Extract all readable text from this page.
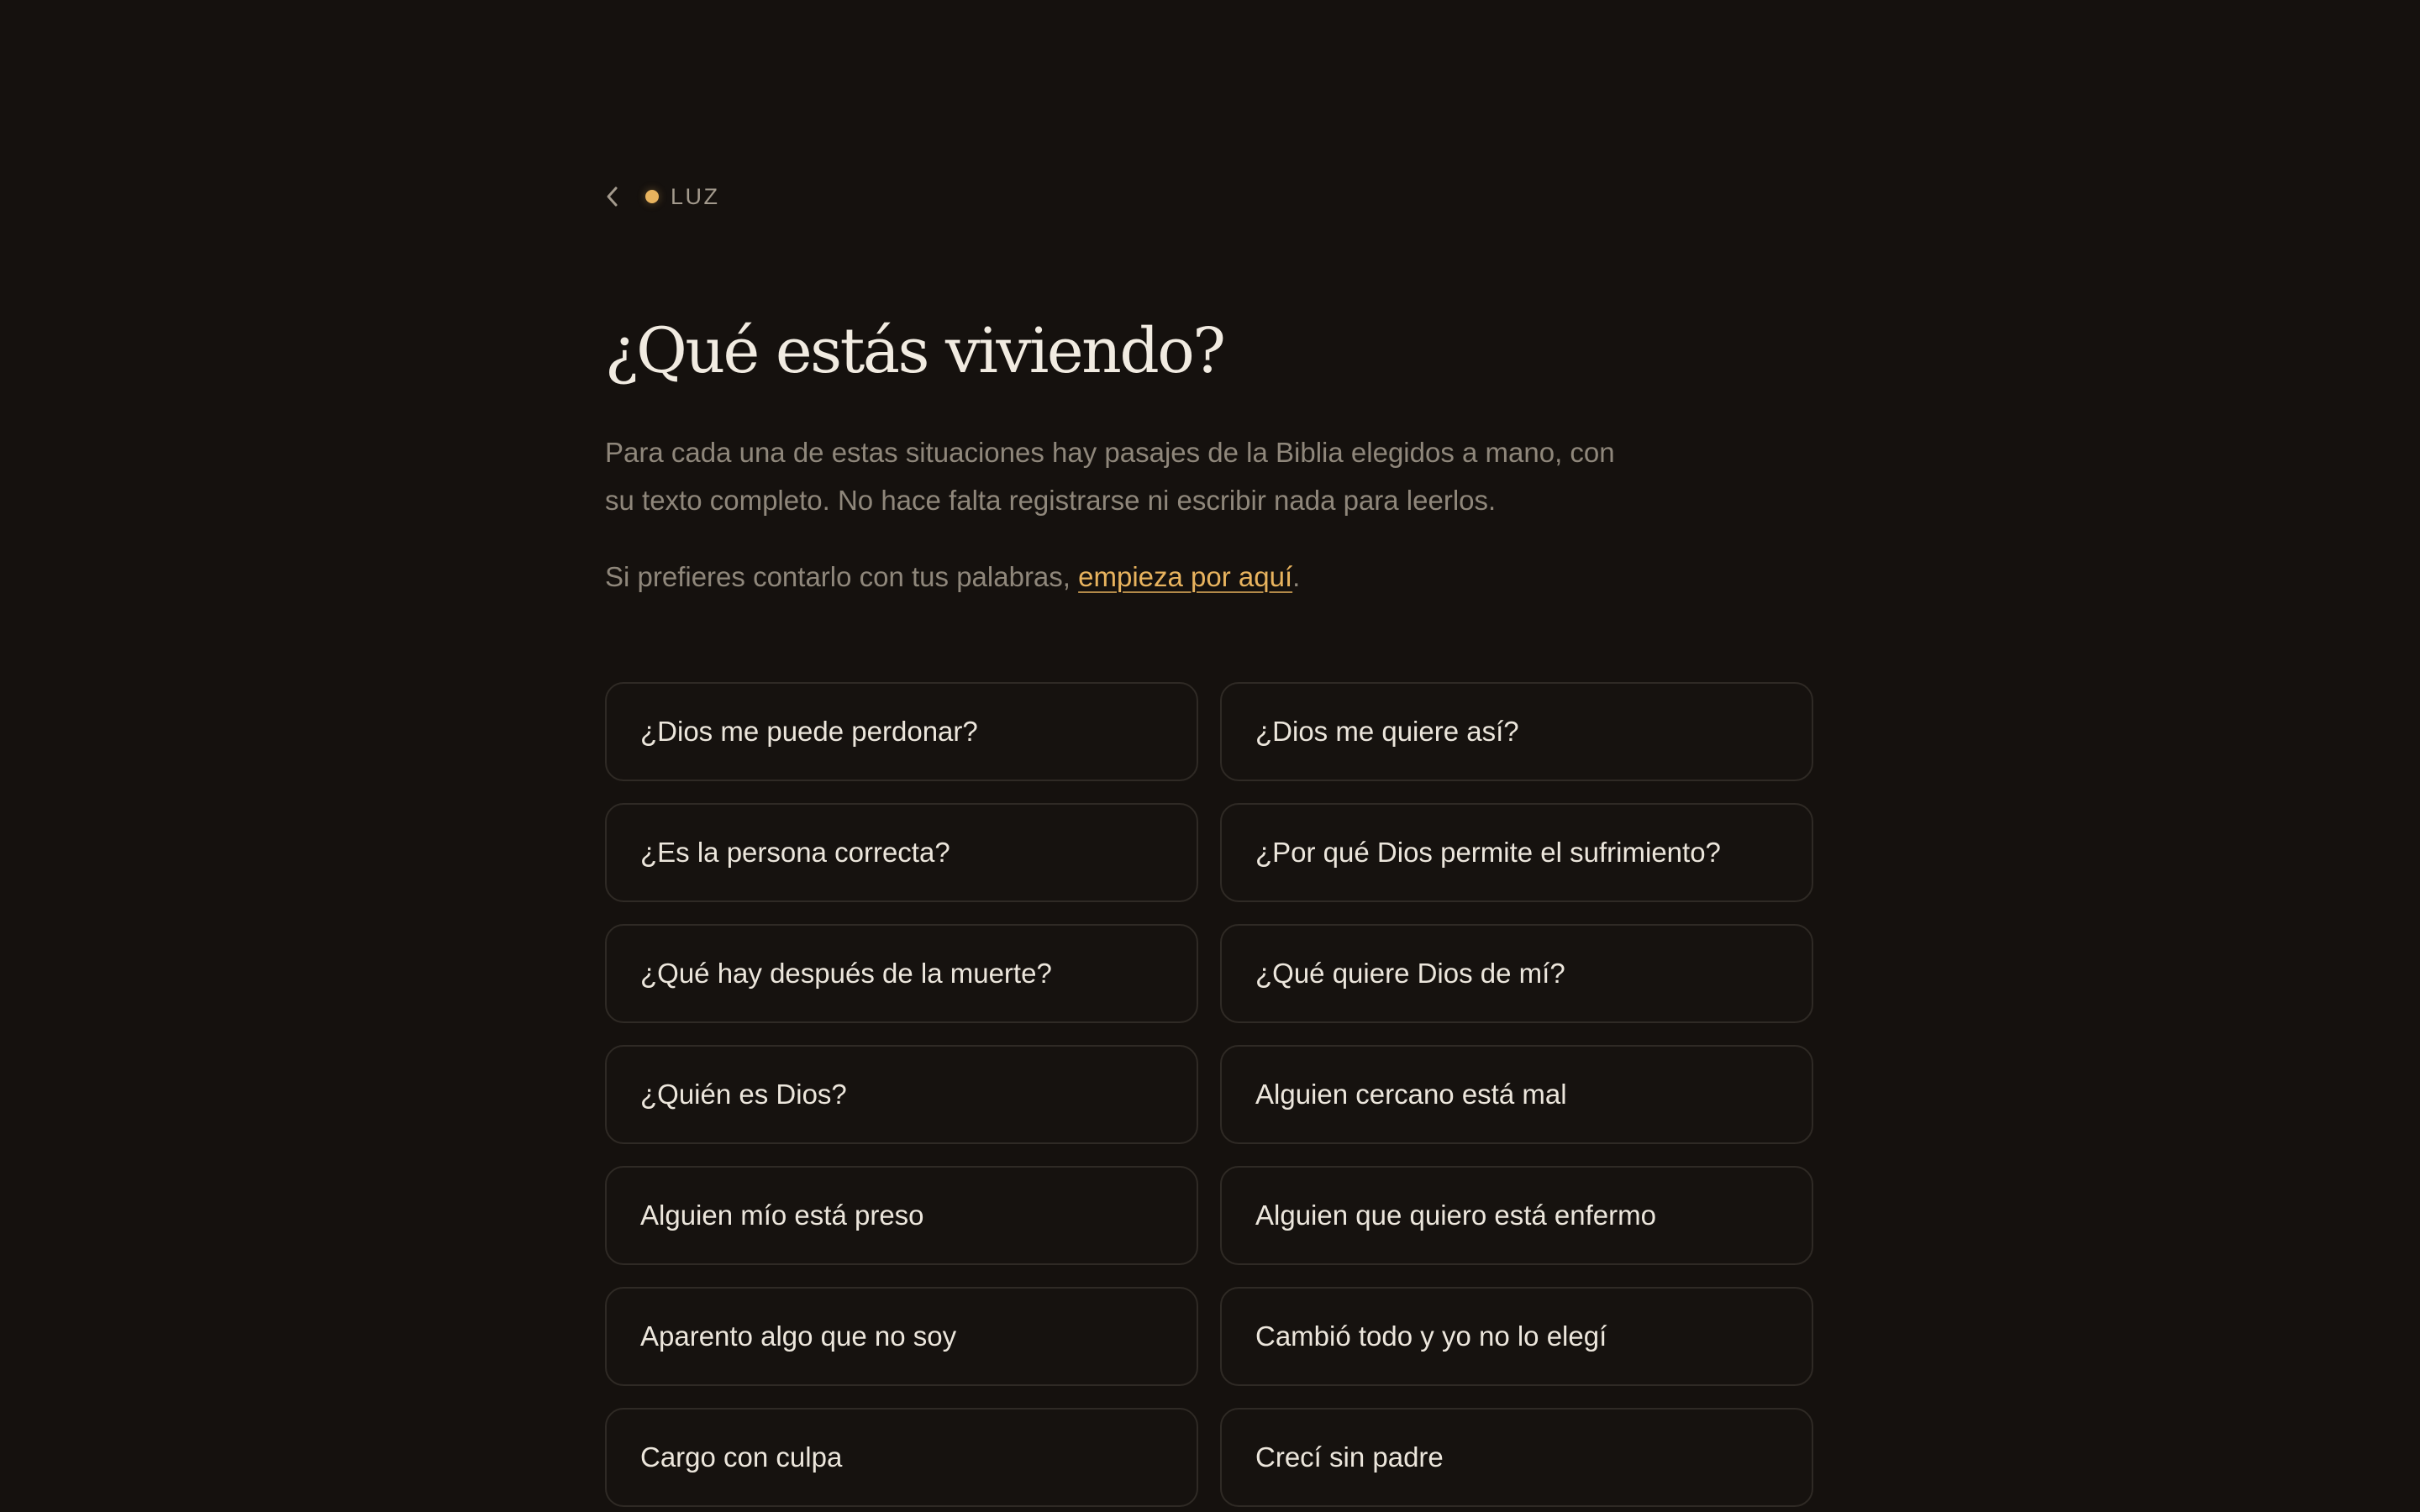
LUZ
¿Qué estás viviendo?

Para cada una de estas situaciones hay pasajes de la Biblia elegidos a mano, con su texto completo. No hace falta registrarse ni escribir nada para leerlos.

Si prefieres contarlo con tus palabras, empieza por aquí.

¿Dios me puede perdonar?	¿Dios me quiere así?
¿Es la persona correcta?	¿Por qué Dios permite el sufrimiento?
¿Qué hay después de la muerte?	¿Qué quiere Dios de mí?
¿Quién es Dios?	Alguien cercano está mal
Alguien mío está preso	Alguien que quiero está enfermo
Aparento algo que no soy	Cambió todo y yo no lo elegí
Cargo con culpa	Crecí sin padre
